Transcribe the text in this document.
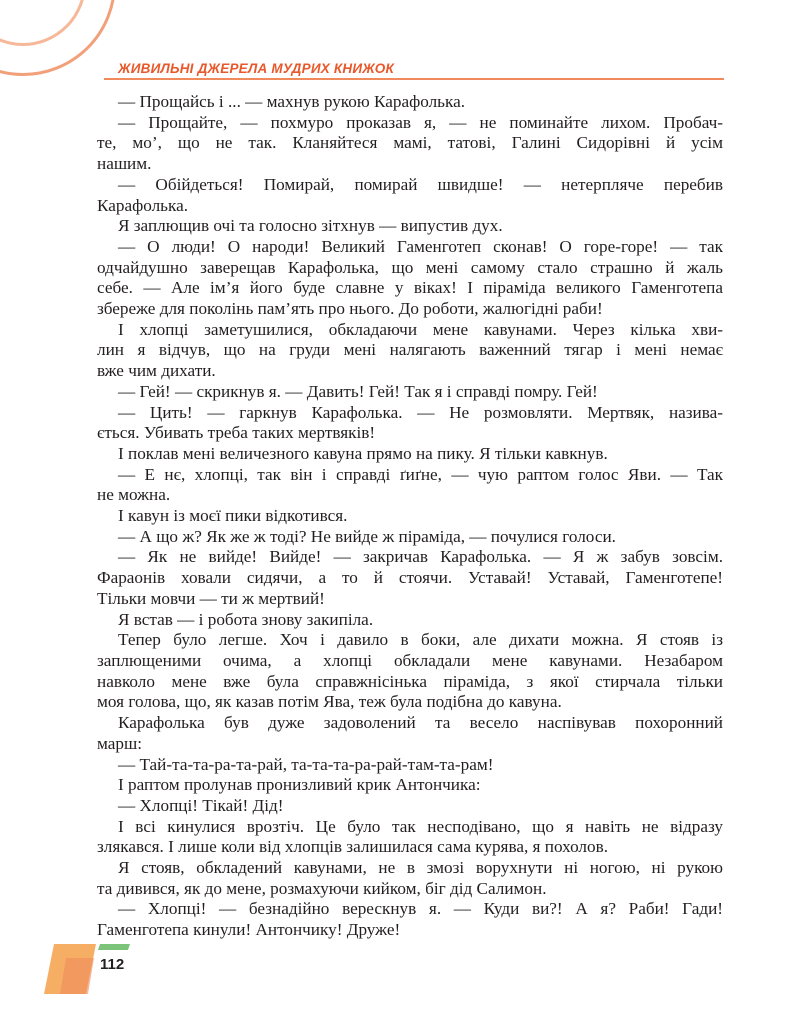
ЖИВИЛЬНІ ДЖЕРЕЛА МУДРИХ КНИЖОК
— Прощайсь і ... — махнув рукою Карафолька.
— Прощайте, — похмуро проказав я, — не поминайте лихом. Пробач-
те, мо’, що не так. Кланяйтеся мамі, татові, Галині Сидорівні й усім
нашим.
— Обійдеться! Помирай, помирай швидше! — нетерпляче перебив
Карафолька.
Я заплющив очі та голосно зітхнув — випустив дух.
— О люди! О народи! Великий Гаменготеп сконав! О горе-горе! — так
одчайдушно заверещав Карафолька, що мені самому стало страшно й жаль
себе. — Але ім’я його буде славне у віках! І піраміда великого Гаменготепа
збереже для поколінь пам’ять про нього. До роботи, жалюгідні раби!
І хлопці заметушилися, обкладаючи мене кавунами. Через кілька хви-
лин я відчув, що на груди мені налягають важенний тягар і мені немає
вже чим дихати.
— Гей! — скрикнув я. — Давить! Гей! Так я і справді помру. Гей!
— Цить! — гаркнув Карафолька. — Не розмовляти. Мертвяк, назива-
ється. Убивать треба таких мертвяків!
І поклав мені величезного кавуна прямо на пику. Я тільки кавкнув.
— Е нє, хлопці, так він і справді ґиґне, — чую раптом голос Яви. — Так
не можна.
І кавун із моєї пики відкотився.
— А що ж? Як же ж тоді? Не вийде ж піраміда, — почулися голоси.
— Як не вийде! Вийде! — закричав Карафолька. — Я ж забув зовсім.
Фараонів ховали сидячи, а то й стоячи. Уставай! Уставай, Гаменготепе!
Тільки мовчи — ти ж мертвий!
Я встав — і робота знову закипіла.
Тепер було легше. Хоч і давило в боки, але дихати можна. Я стояв із
заплющеними очима, а хлопці обкладали мене кавунами. Незабаром
навколо мене вже була справжнісінька піраміда, з якої стирчала тільки
моя голова, що, як казав потім Ява, теж була подібна до кавуна.
Карафолька був дуже задоволений та весело наспівував похоронний
марш:
— Тай-та-та-ра-та-рай, та-та-та-ра-рай-там-та-рам!
І раптом пролунав пронизливий крик Антончика:
— Хлопці! Тікай! Дід!
І всі кинулися врозтіч. Це було так несподівано, що я навіть не відразу
злякався. І лише коли від хлопців залишилася сама курява, я похолов.
Я стояв, обкладений кавунами, не в змозі ворухнути ні ногою, ні рукою
та дивився, як до мене, розмахуючи кийком, біг дід Салимон.
— Хлопці! — безнадійно верескнув я. — Куди ви?! А я? Раби! Гади!
Гаменготепа кинули! Антончику! Друже!
112
